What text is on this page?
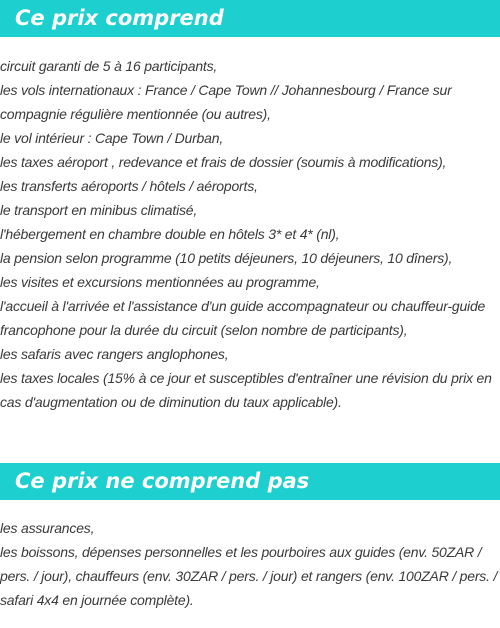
Ce prix comprend
circuit garanti de 5 à 16 participants,
les vols internationaux : France / Cape Town // Johannesbourg / France sur compagnie régulière mentionnée (ou autres),
le vol intérieur : Cape Town / Durban,
les taxes aéroport , redevance et frais de dossier (soumis à modifications),
les transferts aéroports / hôtels / aéroports,
le transport en minibus climatisé,
l'hébergement en chambre double en hôtels 3* et 4* (nl),
la pension selon programme (10 petits déjeuners, 10 déjeuners, 10 dîners),
les visites et excursions mentionnées au programme,
l'accueil à l'arrivée et l'assistance d'un guide accompagnateur ou chauffeur-guide francophone pour la durée du circuit (selon nombre de participants),
les safaris avec rangers anglophones,
les taxes locales (15% à ce jour et susceptibles d'entraîner une révision du prix en cas d'augmentation ou de diminution du taux applicable).
Ce prix ne comprend pas
les assurances,
les boissons, dépenses personnelles et les pourboires aux guides (env. 50ZAR / pers. / jour), chauffeurs (env. 30ZAR / pers. / jour) et rangers (env. 100ZAR / pers. / safari 4x4 en journée complète).
